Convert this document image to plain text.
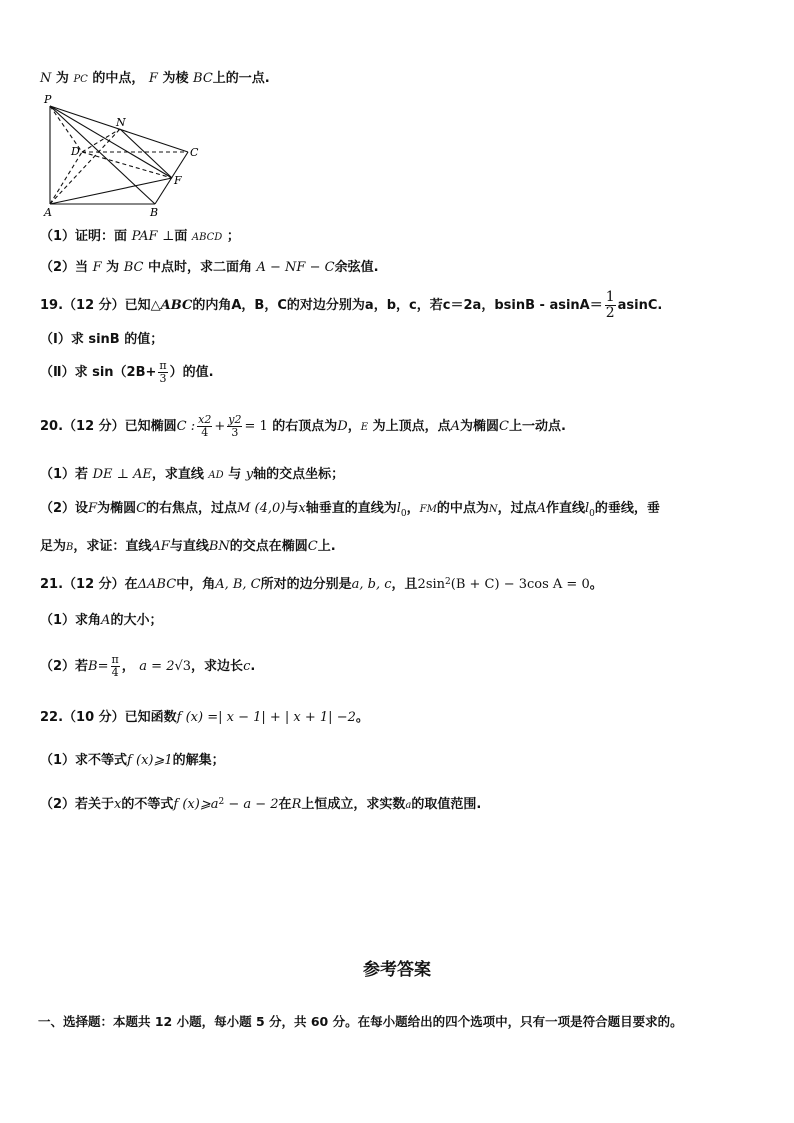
N 为 PC 的中点， F 为棱 BC上的一点.
P
N
D	C
F
A	B
（1）证明：面 PAF ⊥面 ABCD ；
（2）当 F 为 BC 中点时，求二面角 A − NF − C余弦值.
19.（12 分）已知△ABC的内角A，B，C的对边分别为a，b，c，若c＝2a，$bsinB - asinA= \frac{1}{2} asinC$.
（Ⅰ）求 sinB 的值；
（Ⅱ）求 $\sin(2B+ \frac{\pi}{3}$ ）的值.
20.（12 分）已知椭圆C : $\frac{x2}{4} + \frac{y2}{3} = 1$ 的右顶点为D，E 为上顶点，点A为椭圆C上一动点.
（1）若 DE ⊥ AE，求直线 AD 与 y轴的交点坐标；
（2）设F为椭圆C的右焦点，过点M (4,0)与x轴垂直的直线为$l_0$，FM的中点为N，过点A作直线$l_0$的垂线，垂
足为B，求证：直线AF与直线BN的交点在椭圆C上.
21.（12 分）在ΔABC中，角A, B, C所对的边分别是a, b, c，且$2\sin^2(B + C) - 3\cos$ A = 0。
（1）求角A的大小；
（2）若$B= \frac{\pi}{4}$ ， a = 2√3，求边长c.
22.（10 分）已知函数f (x) =| x − 1| + | x + 1| −2。
（1）求不等式f (x)⩾1的解集；
（2）若关于x的不等式f $(x)⩾a^2 - a - 2$在R上恒成立，求实数a的取值范围.
参考答案
一、选择题：本题共 12 小题，每小题 5 分，共 60 分。在每小题给出的四个选项中，只有一项是符合题目要求的。
